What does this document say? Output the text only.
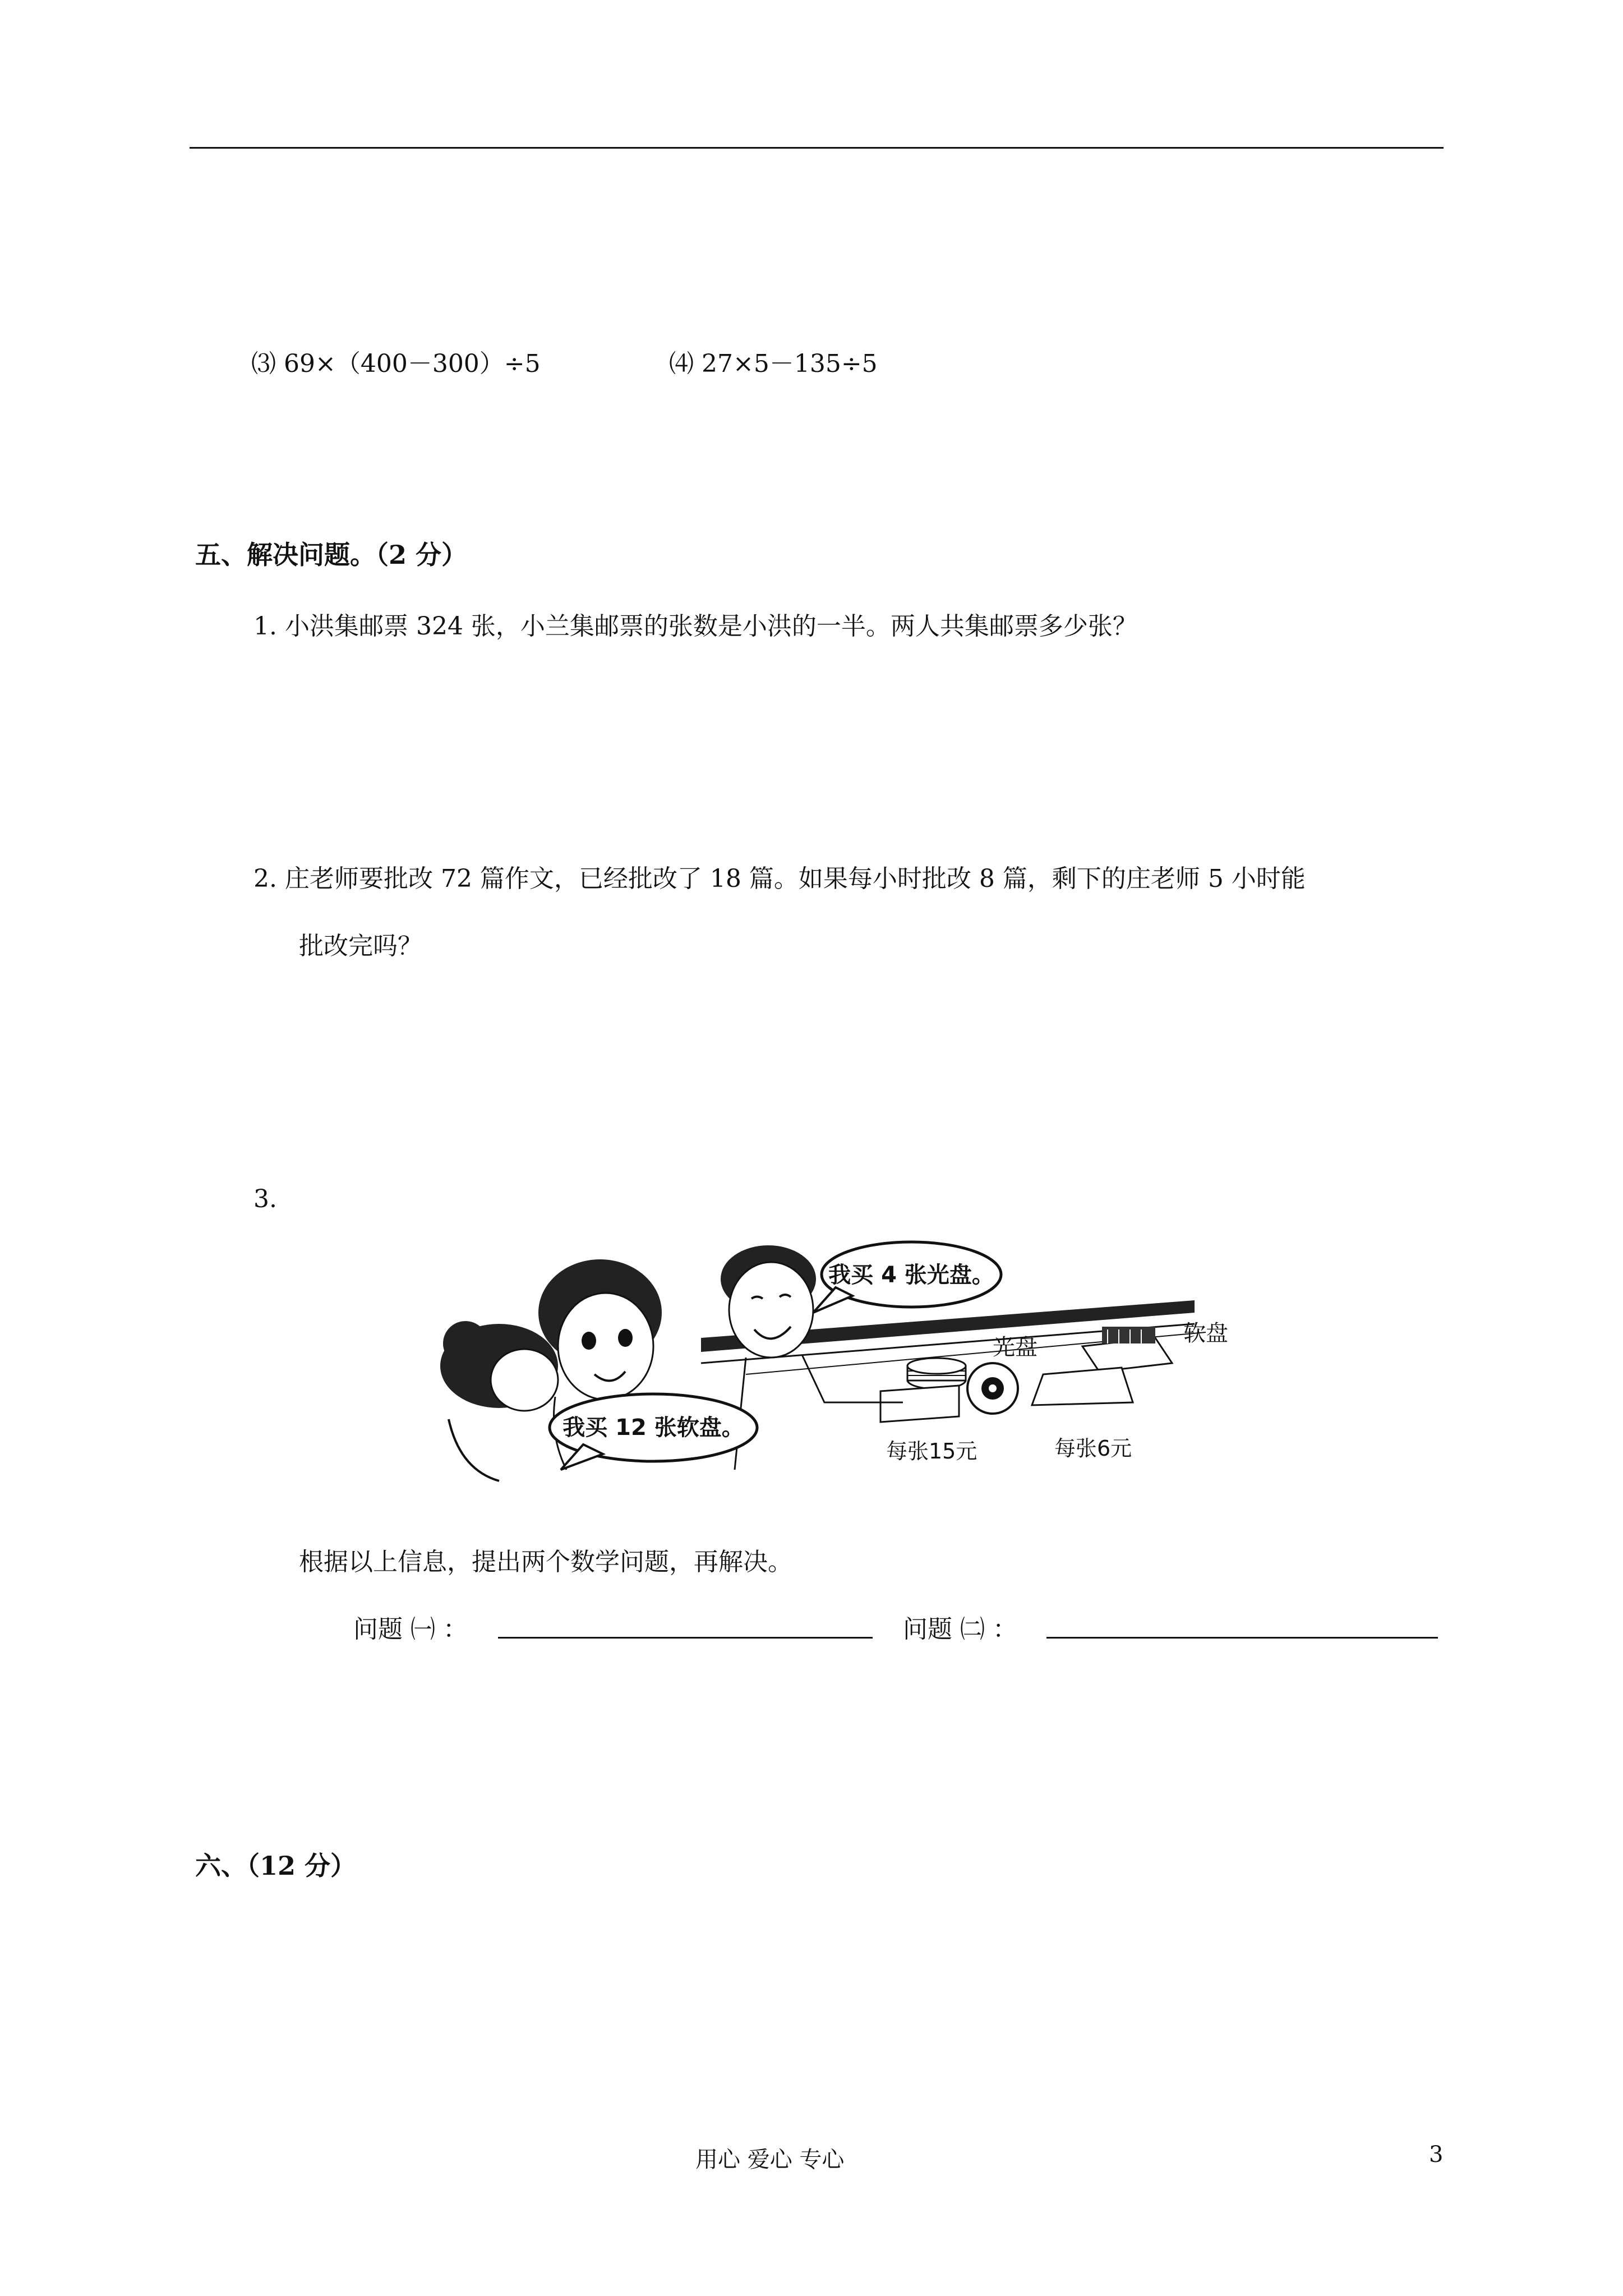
⑶ 69×（400－300）÷5	⑷ 27×5－135÷5
五、解决问题。（2 分）
1. 小洪集邮票 324 张，小兰集邮票的张数是小洪的一半。两人共集邮票多少张？
2. 庄老师要批改 72 篇作文，已经批改了 18 篇。如果每小时批改 8 篇，剩下的庄老师 5 小时能
批改完吗？
3.
我买 4 张光盘。
我买 12 张软盘。
光盘
软盘
每张15元	每张6元
根据以上信息，提出两个数学问题，再解决。
问题 ㈠ ：	问题 ㈡ ：
六、（12 分）
用心 爱心 专心	3
